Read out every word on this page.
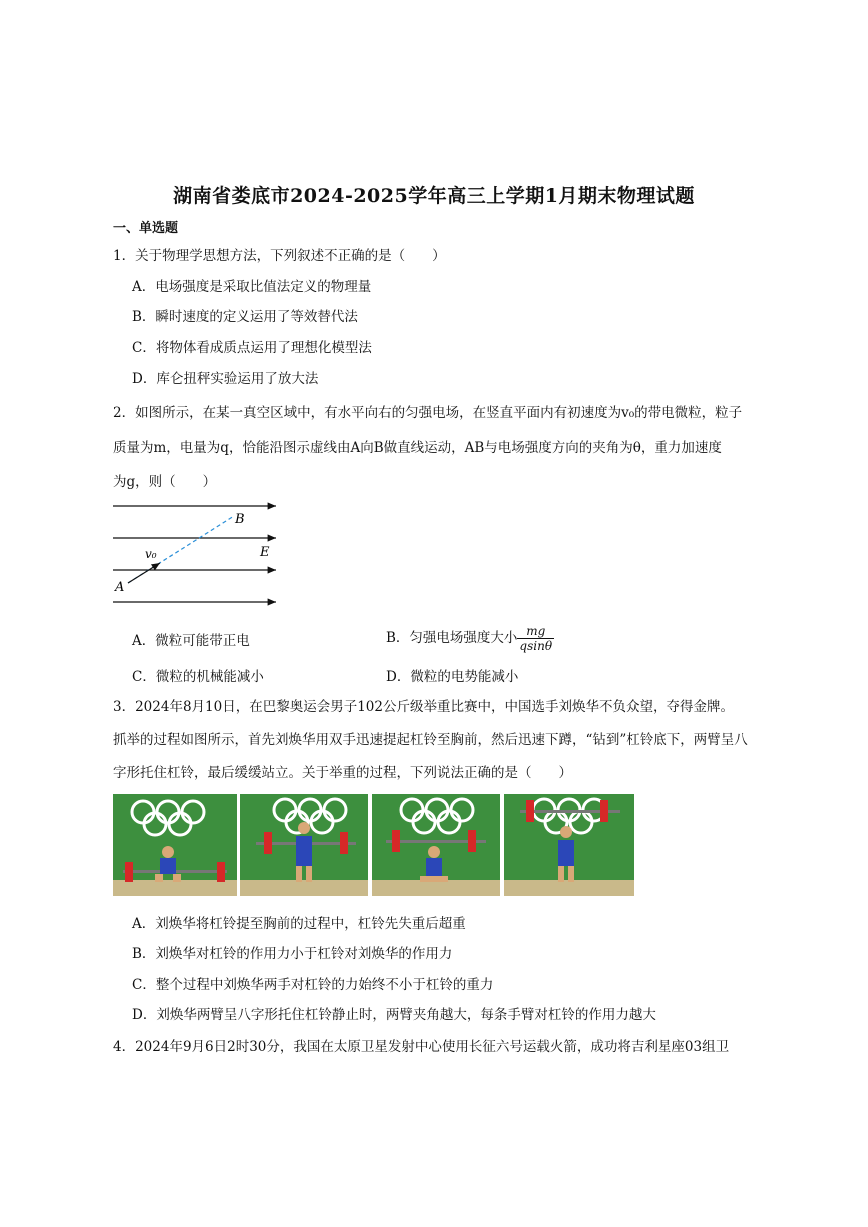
湖南省娄底市2024-2025学年高三上学期1月期末物理试题
一、单选题
1．关于物理学思想方法，下列叙述不正确的是（　　）
A．电场强度是采取比值法定义的物理量
B．瞬时速度的定义运用了等效替代法
C．将物体看成质点运用了理想化模型法
D．库仑扭秤实验运用了放大法
2．如图所示，在某一真空区域中，有水平向右的匀强电场，在竖直平面内有初速度为v₀的带电微粒，粒子
质量为m，电量为q，恰能沿图示虚线由A向B做直线运动，AB与电场强度方向的夹角为θ，重力加速度
为g，则（　　）
B
E
v₀
A
A．微粒可能带正电	B．匀强电场强度大小 $\frac{mg}{qsin\theta}$
C．微粒的机械能减小	D．微粒的电势能减小
3．2024年8月10日，在巴黎奥运会男子102公斤级举重比赛中，中国选手刘焕华不负众望，夺得金牌。
抓举的过程如图所示，首先刘焕华用双手迅速提起杠铃至胸前，然后迅速下蹲，“钻到”杠铃底下，两臂呈八
字形托住杠铃，最后缓缓站立。关于举重的过程，下列说法正确的是（　　）
A．刘焕华将杠铃提至胸前的过程中，杠铃先失重后超重
B．刘焕华对杠铃的作用力小于杠铃对刘焕华的作用力
C．整个过程中刘焕华两手对杠铃的力始终不小于杠铃的重力
D．刘焕华两臂呈八字形托住杠铃静止时，两臂夹角越大，每条手臂对杠铃的作用力越大
4．2024年9月6日2时30分，我国在太原卫星发射中心使用长征六号运载火箭，成功将吉利星座03组卫
